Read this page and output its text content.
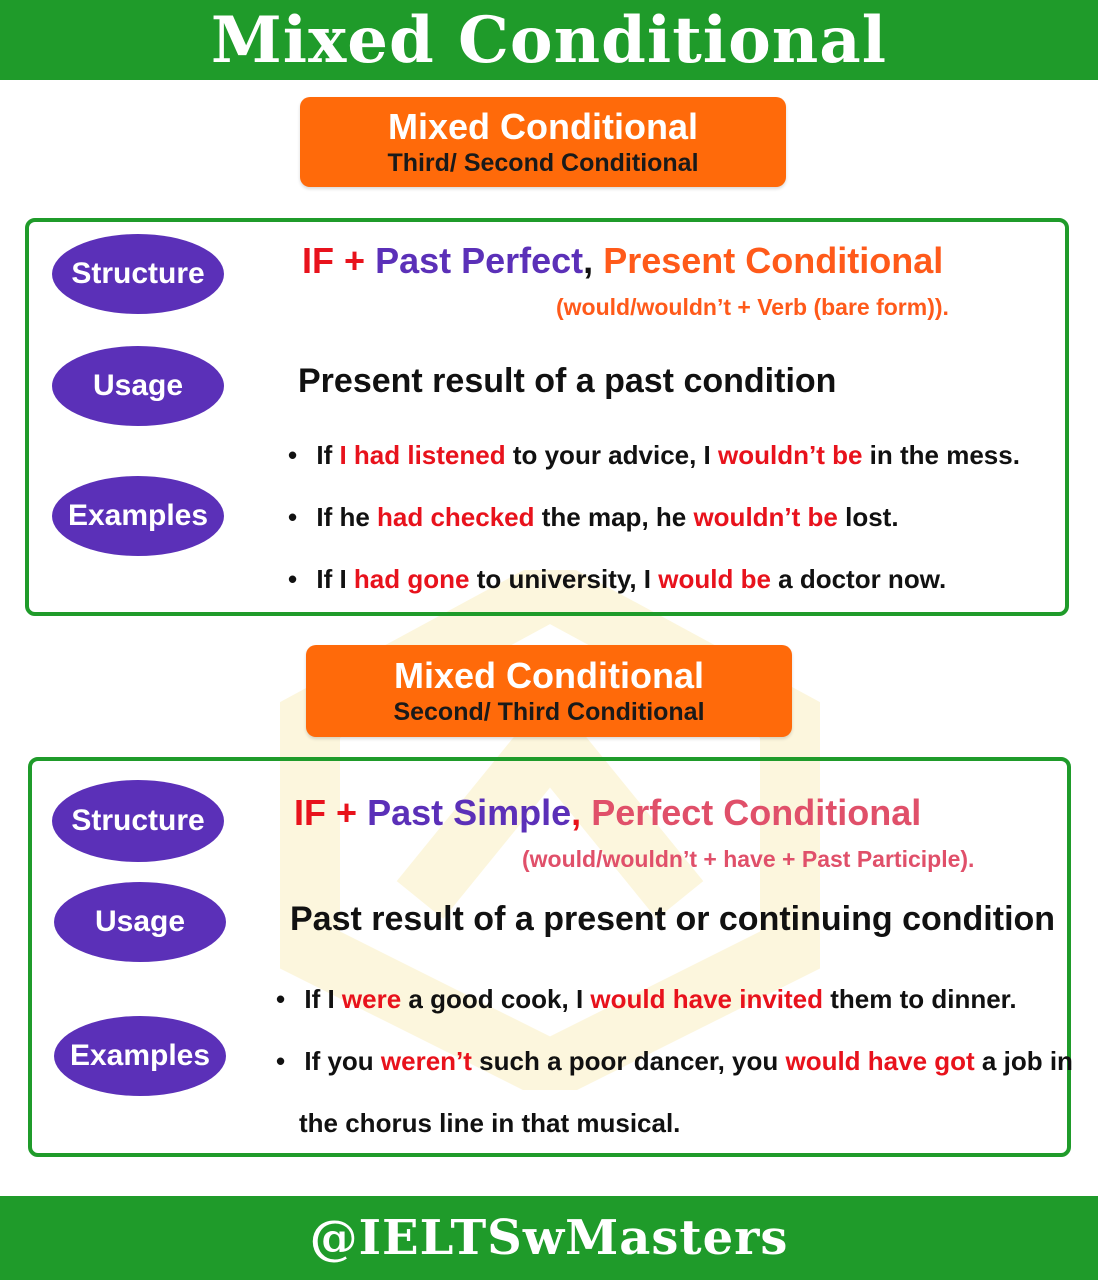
Mixed Conditional
Mixed Conditional
Third/ Second Conditional
Structure
Usage
Examples
IF + Past Perfect, Present Conditional
(would/wouldn’t + Verb (bare form)).
Present result of a past condition
• If I had listened to your advice, I wouldn’t be in the mess.
• If he had checked the map, he wouldn’t be lost.
• If I had gone to university, I would be a doctor now.
Mixed Conditional
Second/ Third Conditional
Structure
Usage
Examples
IF + Past Simple, Perfect Conditional
(would/wouldn’t + have + Past Participle).
Past result of a present or continuing condition
• If I were a good cook, I would have invited them to dinner.
• If you weren’t such a poor dancer, you would have got a job in
the chorus line in that musical.
@IELTSwMasters
